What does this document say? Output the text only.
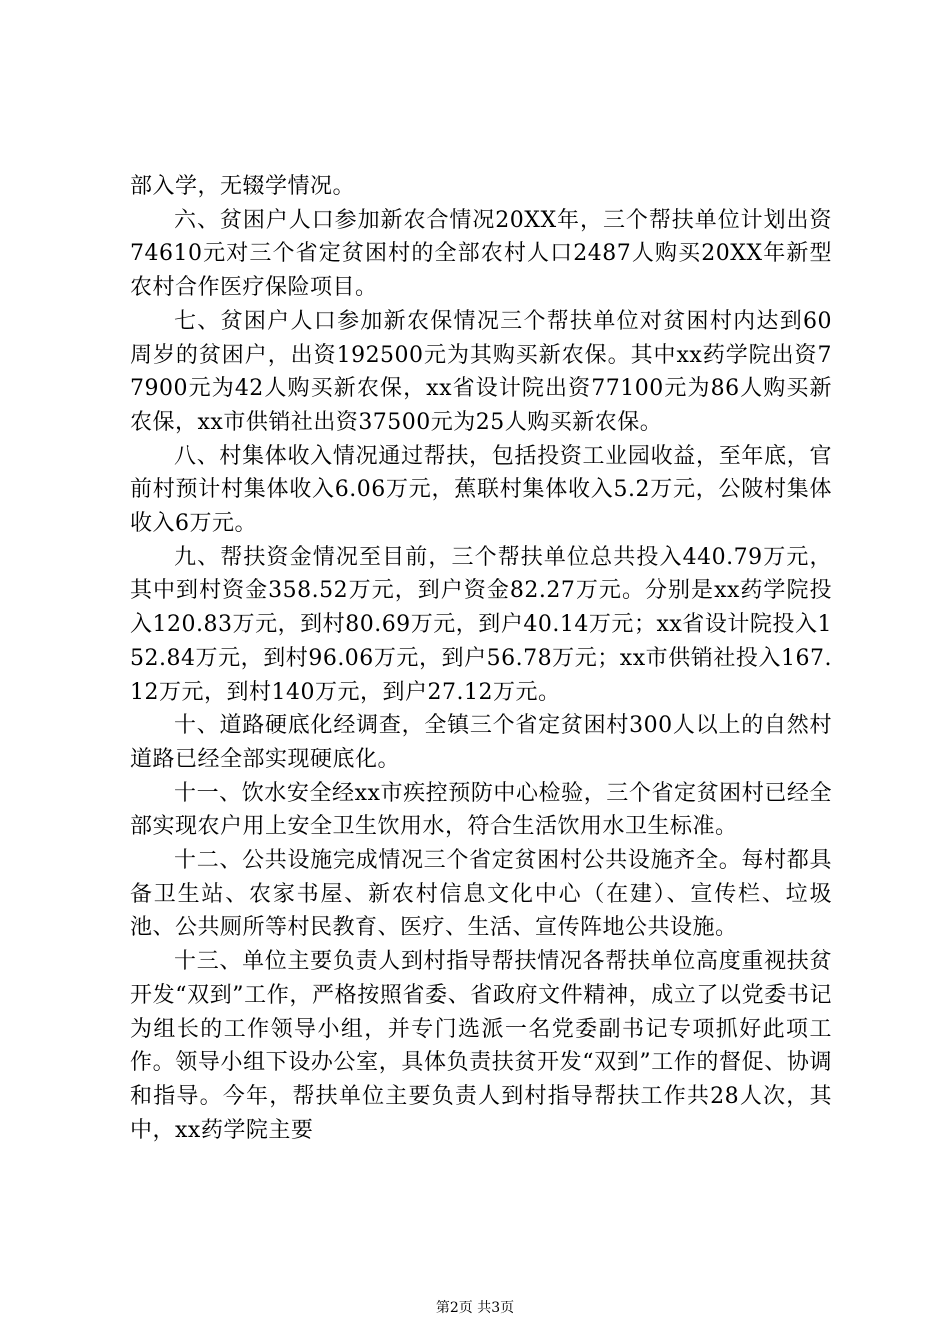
部入学，无辍学情况。

六、贫困户人口参加新农合情况20XX年，三个帮扶单位计划出资74610元对三个省定贫困村的全部农村人口2487人购买20XX年新型农村合作医疗保险项目。

七、贫困户人口参加新农保情况三个帮扶单位对贫困村内达到60周岁的贫困户，出资192500元为其购买新农保。其中xx药学院出资77900元为42人购买新农保，xx省设计院出资77100元为86人购买新农保，xx市供销社出资37500元为25人购买新农保。

八、村集体收入情况通过帮扶，包括投资工业园收益，至年底，官前村预计村集体收入6.06万元，蕉联村集体收入5.2万元，公陂村集体收入6万元。

九、帮扶资金情况至目前，三个帮扶单位总共投入440.79万元，其中到村资金358.52万元，到户资金82.27万元。分别是xx药学院投入120.83万元，到村80.69万元，到户40.14万元；xx省设计院投入152.84万元，到村96.06万元，到户56.78万元；xx市供销社投入167.12万元，到村140万元，到户27.12万元。

十、道路硬底化经调查，全镇三个省定贫困村300人以上的自然村道路已经全部实现硬底化。

十一、饮水安全经xx市疾控预防中心检验，三个省定贫困村已经全部实现农户用上安全卫生饮用水，符合生活饮用水卫生标准。

十二、公共设施完成情况三个省定贫困村公共设施齐全。每村都具备卫生站、农家书屋、新农村信息文化中心（在建）、宣传栏、垃圾池、公共厕所等村民教育、医疗、生活、宣传阵地公共设施。

十三、单位主要负责人到村指导帮扶情况各帮扶单位高度重视扶贫开发“双到”工作，严格按照省委、省政府文件精神，成立了以党委书记为组长的工作领导小组，并专门选派一名党委副书记专项抓好此项工作。领导小组下设办公室，具体负责扶贫开发“双到”工作的督促、协调和指导。今年，帮扶单位主要负责人到村指导帮扶工作共28人次，其中，xx药学院主要

第2页 共3页
